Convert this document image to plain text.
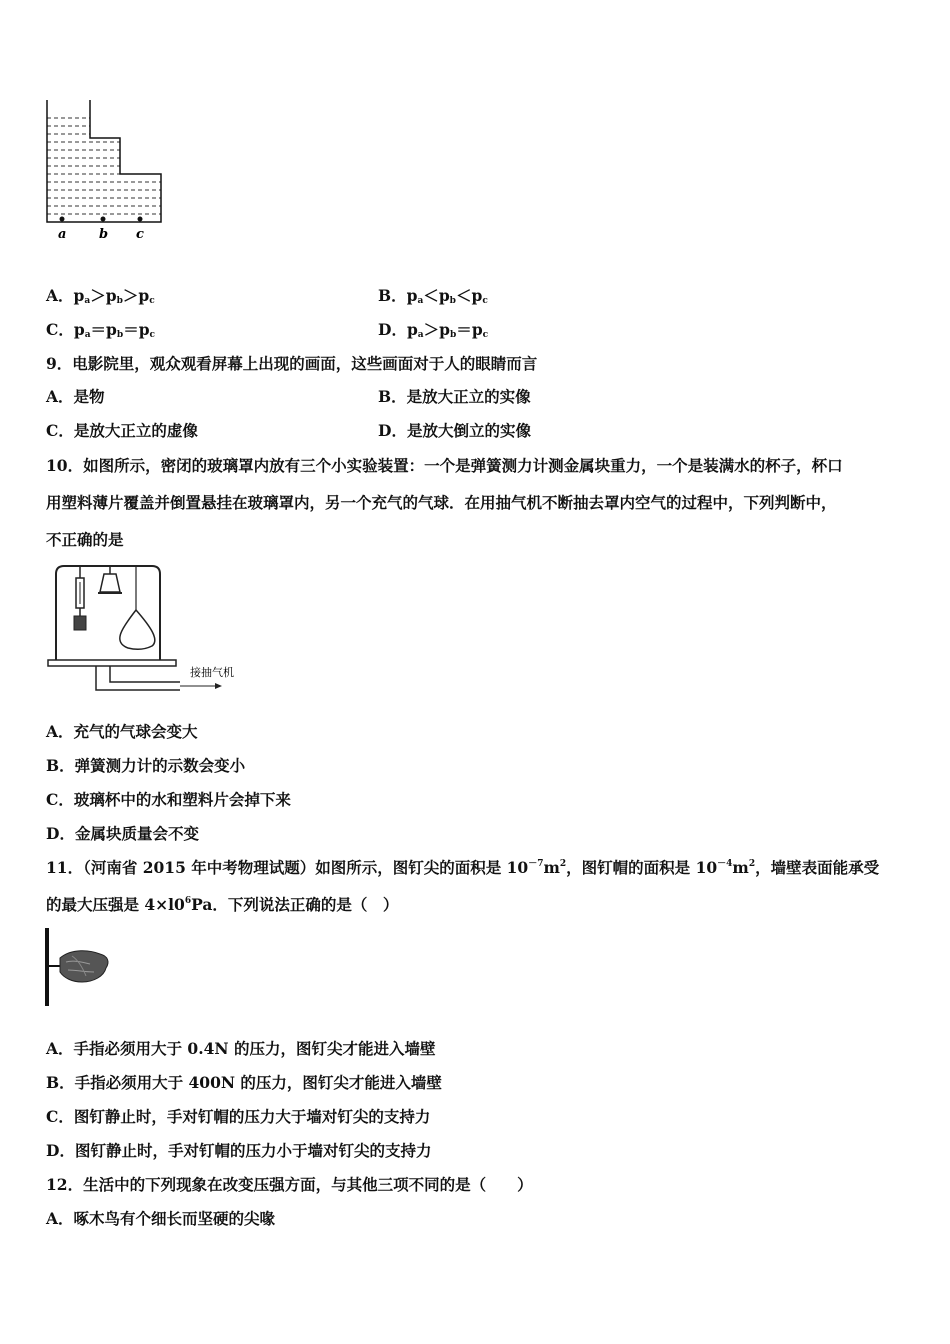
a	b c
A．$p_a>p_b>p_c$	B．$p_a<p_b<p_c$
C．$p_a=p_b=p_c$	D．$p_a>p_b=p_c$
9．电影院里，观众观看屏幕上出现的画面，这些画面对于人的眼睛而言
A．是物	B．是放大正立的实像
C．是放大正立的虚像	D．是放大倒立的实像
10．如图所示，密闭的玻璃罩内放有三个小实验装置：一个是弹簧测力计测金属块重力，一个是装满水的杯子，杯口
用塑料薄片覆盖并倒置悬挂在玻璃罩内，另一个充气的气球．在用抽气机不断抽去罩内空气的过程中，下列判断中，
不正确的是
接抽气机
A．充气的气球会变大
B．弹簧测力计的示数会变小
C．玻璃杯中的水和塑料片会掉下来
D．金属块质量会不变
11．（河南省 2015 年中考物理试题）如图所示，图钉尖的面积是 $10^{-7}m^2$，图钉帽的面积是 $10^{-4}m^2$，墙壁表面能承受
的最大压强是 $4\times l0^6Pa$．下列说法正确的是（　）
A．手指必须用大于 0.4N 的压力，图钉尖才能进入墙壁
B．手指必须用大于 400N 的压力，图钉尖才能进入墙壁
C．图钉静止时，手对钉帽的压力大于墙对钉尖的支持力
D．图钉静止时，手对钉帽的压力小于墙对钉尖的支持力
12．生活中的下列现象在改变压强方面，与其他三项不同的是（　　）
A．啄木鸟有个细长而坚硬的尖喙
